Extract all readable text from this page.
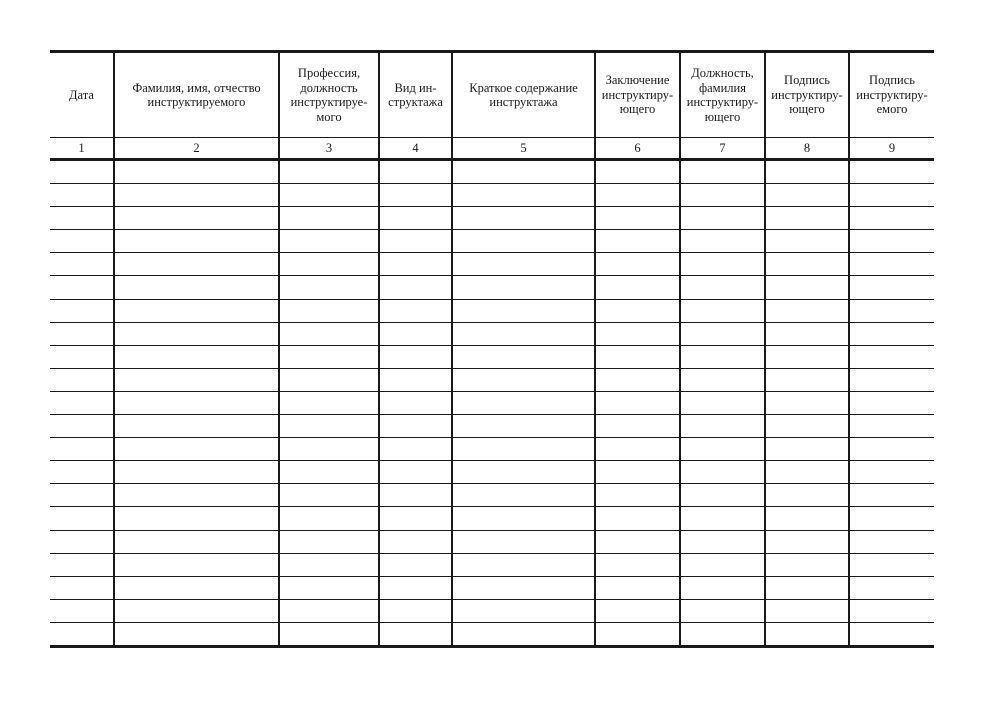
Дата	Фамилия, имя, отчество
инструктируемого	Профессия,
должность
инструктируе-
мого	Вид ин-
структажа	Краткое содержание
инструктажа	Заключение
инструктиру-
ющего	Должность,
фамилия
инструктиру-
ющего	Подпись
инструктиру-
ющего	Подпись
инструктиру-
емого
1	2	3	4	5	6	7	8	9
